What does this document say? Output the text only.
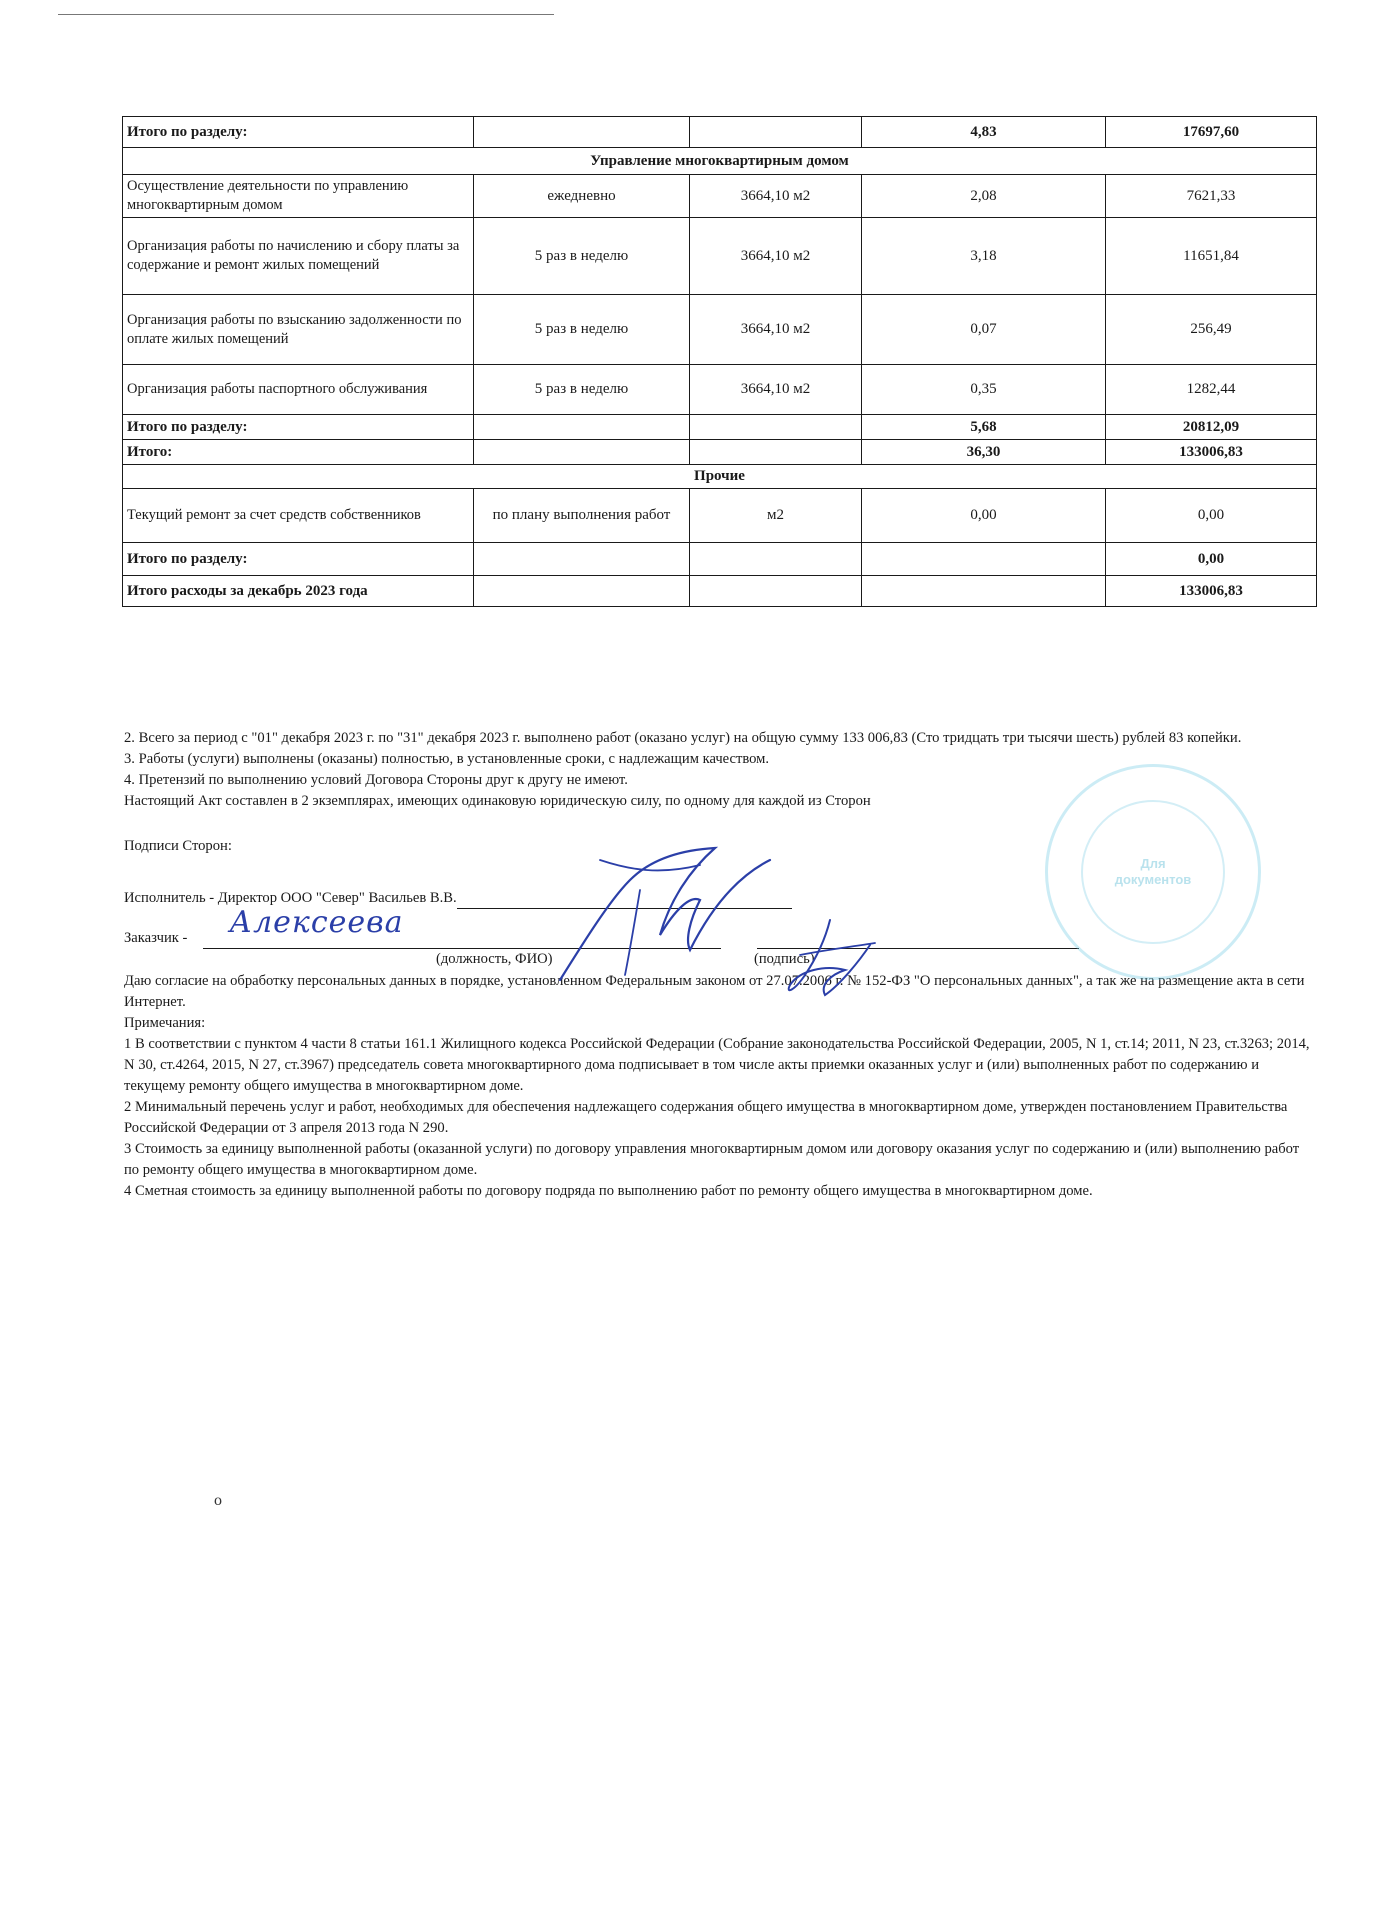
Итого по разделу:			4,83	17697,60
Управление многоквартирным домом				
Осуществление деятельности по управлению многоквартирным домом	ежедневно	3664,10 м2	2,08	7621,33
Организация работы по начислению и сбору платы за содержание и ремонт жилых помещений	5 раз в неделю	3664,10 м2	3,18	11651,84
Организация работы по взысканию задолженности по оплате жилых помещений	5 раз в неделю	3664,10 м2	0,07	256,49
Организация работы паспортного обслуживания	5 раз в неделю	3664,10 м2	0,35	1282,44
Итого по разделу:			5,68	20812,09
Итого:			36,30	133006,83
Прочие				
Текущий ремонт за счет средств собственников	по плану выполнения работ	м2	0,00	0,00
Итого по разделу:				0,00
Итого расходы за декабрь 2023 года				133006,83

2. Всего за период с "01" декабря 2023 г. по "31" декабря 2023 г. выполнено работ (оказано услуг) на общую сумму 133 006,83 (Сто тридцать три тысячи шесть) рублей 83 копейки.

3. Работы (услуги) выполнены (оказаны) полностью, в установленные сроки, с надлежащим качеством.

4. Претензий по выполнению условий Договора Стороны друг к другу не имеют.

Настоящий Акт составлен в 2 экземплярах, имеющих одинаковую юридическую силу, по одному для каждой из Сторон

Подписи Сторон:

Исполнитель - Директор ООО "Север" Васильев В.В.
Заказчик - Алексеева
(должность, ФИО)	(подпись)

Даю согласие на обработку персональных данных в порядке, установленном Федеральным законом от 27.07.2006 г. № 152-ФЗ "О персональных данных", а так же на размещение акта в сети Интернет.

Примечания:

1 В соответствии с пунктом 4 части 8 статьи 161.1 Жилищного кодекса Российской Федерации (Собрание законодательства Российской Федерации, 2005, N 1, ст.14; 2011, N 23, ст.3263; 2014, N 30, ст.4264, 2015, N 27, ст.3967) председатель совета многоквартирного дома подписывает в том числе акты приемки оказанных услуг и (или) выполненных работ по содержанию и текущему ремонту общего имущества в многоквартирном доме.

2 Минимальный перечень услуг и работ, необходимых для обеспечения надлежащего содержания общего имущества в многоквартирном доме, утвержден постановлением Правительства Российской Федерации от 3 апреля 2013 года N 290.

3 Стоимость за единицу выполненной работы (оказанной услуги) по договору управления многоквартирным домом или договору оказания услуг по содержанию и (или) выполнению работ по ремонту общего имущества в многоквартирном доме.

4 Сметная стоимость за единицу выполненной работы по договору подряда по выполнению работ по ремонту общего имущества в многоквартирном доме.

Для
документов
о
